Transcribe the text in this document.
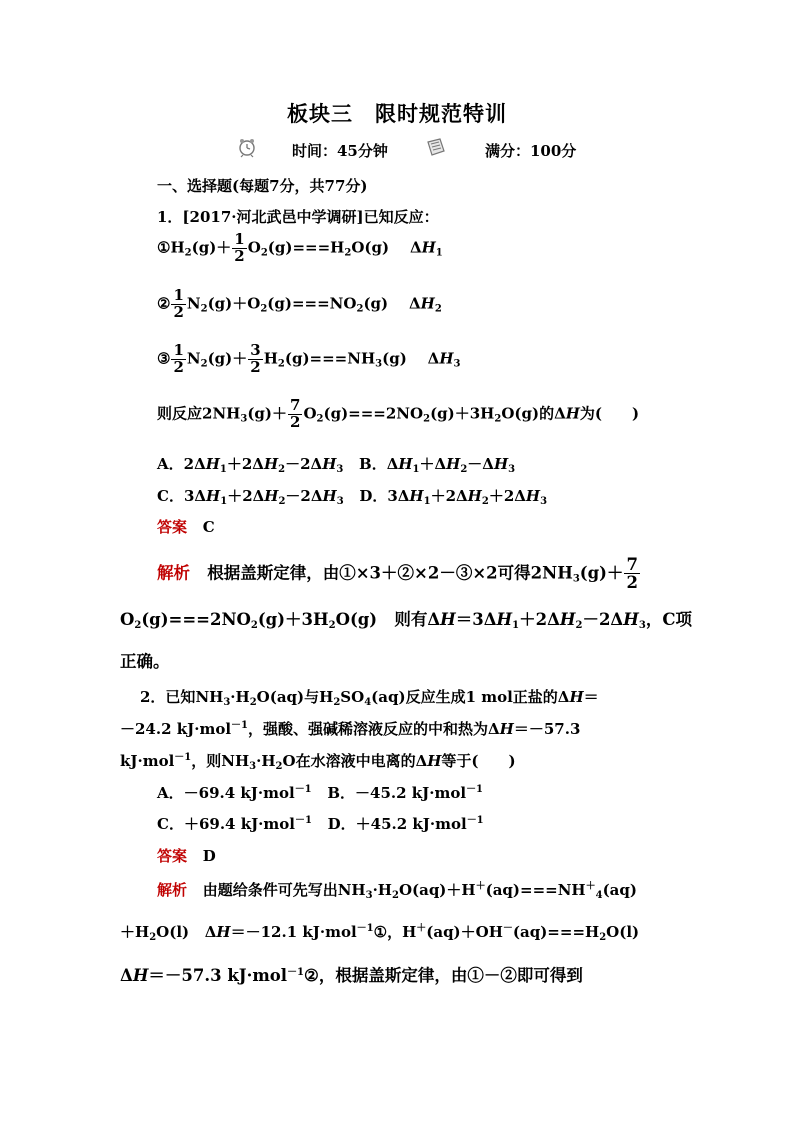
板块三　限时规范特训
时间：45分钟	满分：100分
一、选择题(每题7分，共77分)
1．[2017·河北武邑中学调研]已知反应：
$①H_2(g)+ \frac{1}{2} O_2(g)===H_2O(g)$    $\Delta H_1$
② $\frac{1}{2} N_2(g)+O_2(g)===NO_2(g)$    $\Delta H_2$
③ $\frac{1}{2} N_2(g)+ \frac{3}{2} H_2(g)===NH_3(g)$    $\Delta H_3$
则反应$2NH_3(g)+ \frac{7}{2} O_2(g)===2NO_2(g)+3H_2O(g)$的ΔH为(　　)
A．$2\Delta H_1+2\Delta H_2-2\Delta H_3$ B．$\Delta H_1+\Delta H_2-\Delta H_3$
C．$3\Delta H_1+2\Delta H_2-2\Delta H_3$ D．$3\Delta H_1+2\Delta H_2+2\Delta H_3$
答案 C
解析 根据盖斯定律，由①×3＋②×2－③×2可得$2NH_3(g)+ \frac{7}{2}$
$O_2(g)===2NO_2(g)+3H_2O(g)$   则有$\Delta H=3\Delta H_1+2\Delta H_2-2\Delta H_3$，C项
正确。
2．已知$NH_3\cdot H_2O(aq)$与$H_2SO_4(aq)$反应生成1 mol正盐的ΔH＝
－24.2 kJ·mol$^{-1}$，强酸、强碱稀溶液反应的中和热为ΔH＝－57.3
kJ·mol$^{-1}$，则$NH_3\cdot H_2O$在水溶液中电离的ΔH等于(　　)
A．－69.4 kJ·mol$^{-1}$ B．－45.2 kJ·mol$^{-1}$
C．＋69.4 kJ·mol$^{-1}$ D．＋45.2 kJ·mol$^{-1}$
答案 D
解析 由题给条件可先写出$NH_3\cdot H_2O(aq)+H^+(aq)===NH^+_4(aq)$
$+H_2O(l)$   ΔH＝－12.1 kJ·mol$^{-1}$①，$H^+(aq)+OH^-(aq)===H_2O(l)$
ΔH＝－57.3 kJ·mol$^{-1}$②，根据盖斯定律，由①－②即可得到
